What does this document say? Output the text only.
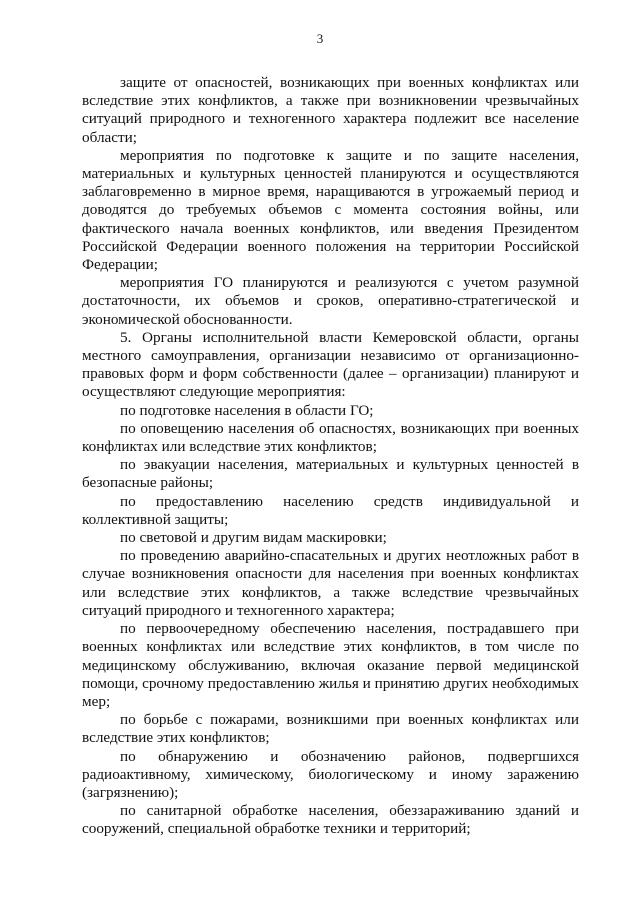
3

защите от опасностей, возникающих при военных конфликтах или вследствие этих конфликтов, а также при возникновении чрезвычайных ситуаций природного и техногенного характера подлежит все население области;

мероприятия по подготовке к защите и по защите населения, материальных и культурных ценностей планируются и осуществляются заблаговременно в мирное время, наращиваются в угрожаемый период и доводятся до требуемых объемов с момента состояния войны, или фактического начала военных конфликтов, или введения Президентом Российской Федерации военного положения на территории Российской Федерации;

мероприятия ГО планируются и реализуются с учетом разумной достаточности, их объемов и сроков, оперативно-стратегической и экономической обоснованности.

5. Органы исполнительной власти Кемеровской области, органы местного самоуправления, организации независимо от организационно-правовых форм и форм собственности (далее – организации) планируют и осуществляют следующие мероприятия:

по подготовке населения в области ГО;

по оповещению населения об опасностях, возникающих при военных конфликтах или вследствие этих конфликтов;

по эвакуации населения, материальных и культурных ценностей в безопасные районы;

по предоставлению населению средств индивидуальной и коллективной защиты;

по световой и другим видам маскировки;

по проведению аварийно-спасательных и других неотложных работ в случае возникновения опасности для населения при военных конфликтах или вследствие этих конфликтов, а также вследствие чрезвычайных ситуаций природного и техногенного характера;

по первоочередному обеспечению населения, пострадавшего при военных конфликтах или вследствие этих конфликтов, в том числе по медицинскому обслуживанию, включая оказание первой медицинской помощи, срочному предоставлению жилья и принятию других необходимых мер;

по борьбе с пожарами, возникшими при военных конфликтах или вследствие этих конфликтов;

по обнаружению и обозначению районов, подвергшихся радиоактивному, химическому, биологическому и иному заражению (загрязнению);

по санитарной обработке населения, обеззараживанию зданий и сооружений, специальной обработке техники и территорий;
